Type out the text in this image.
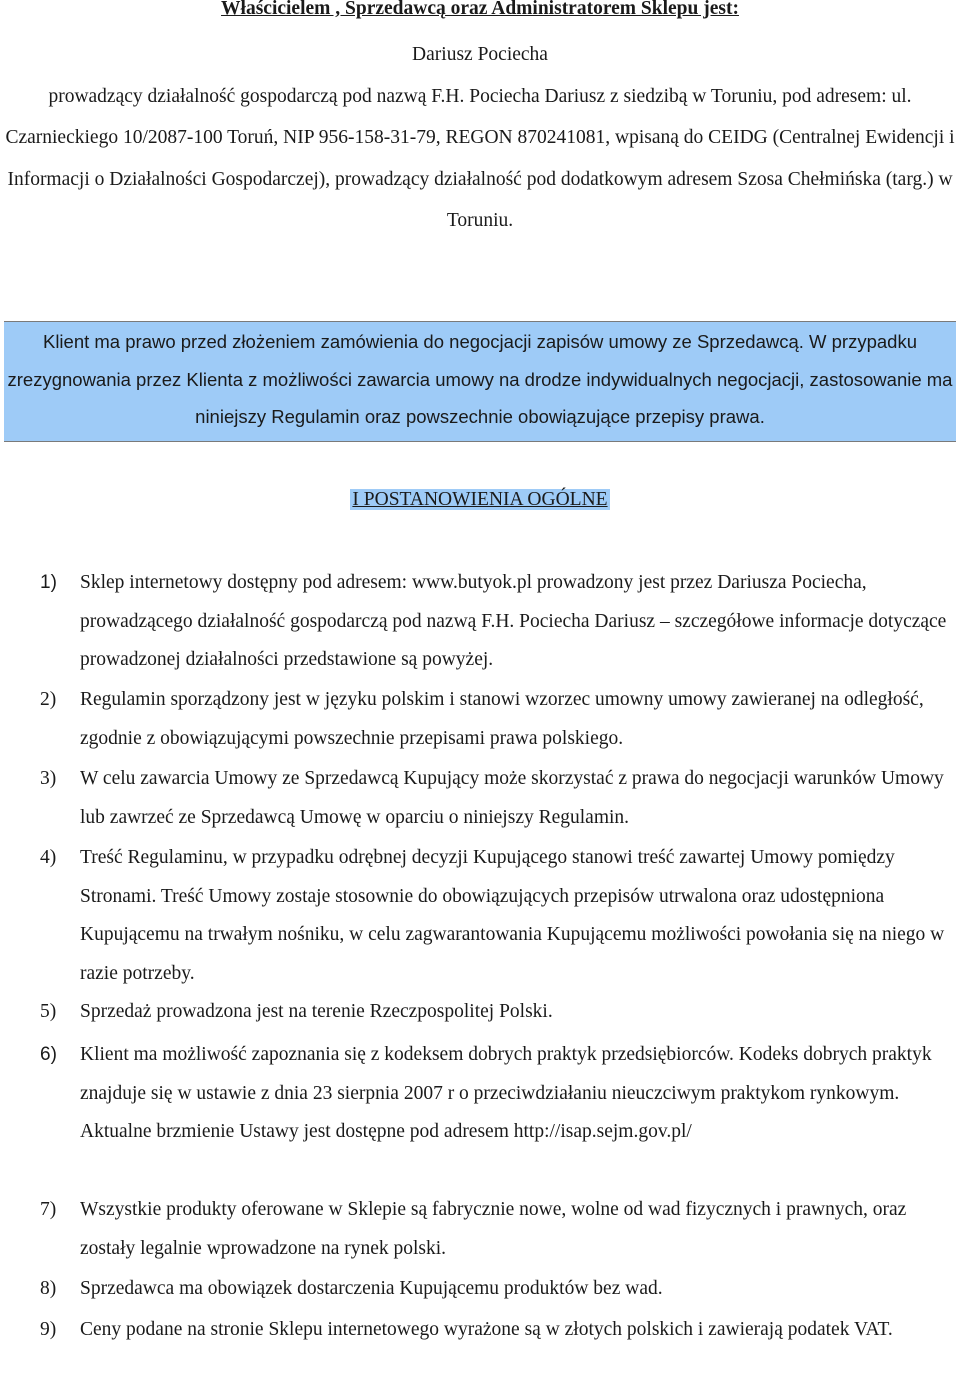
Właścicielem , Sprzedawcą oraz Administratorem Sklepu jest:
Dariusz Pociecha
prowadzący działalność gospodarczą pod nazwą F.H. Pociecha Dariusz z siedzibą w Toruniu, pod adresem: ul. Czarnieckiego 10/2087-100 Toruń, NIP 956-158-31-79, REGON 870241081, wpisaną do CEIDG (Centralnej Ewidencji i Informacji o Działalności Gospodarczej), prowadzący działalność pod dodatkowym adresem Szosa Chełmińska (targ.) w Toruniu.
Klient ma prawo przed złożeniem zamówienia do negocjacji zapisów umowy ze Sprzedawcą. W przypadku zrezygnowania przez Klienta z możliwości zawarcia umowy na drodze indywidualnych negocjacji, zastosowanie ma niniejszy Regulamin oraz powszechnie obowiązujące przepisy prawa.
I POSTANOWIENIA OGÓLNE
1) Sklep internetowy dostępny pod adresem: www.butyok.pl prowadzony jest przez Dariusza Pociecha, prowadzącego działalność gospodarczą pod nazwą F.H. Pociecha Dariusz – szczegółowe informacje dotyczące prowadzonej działalności przedstawione są powyżej.
2) Regulamin sporządzony jest w języku polskim i stanowi wzorzec umowny umowy zawieranej na odległość, zgodnie z obowiązującymi powszechnie przepisami prawa polskiego.
3) W celu zawarcia Umowy ze Sprzedawcą Kupujący może skorzystać z prawa do negocjacji warunków Umowy lub zawrzeć ze Sprzedawcą Umowę w oparciu o niniejszy Regulamin.
4) Treść Regulaminu, w przypadku odrębnej decyzji Kupującego stanowi treść zawartej Umowy pomiędzy Stronami. Treść Umowy zostaje stosownie do obowiązujących przepisów utrwalona oraz udostępniona Kupującemu na trwałym nośniku, w celu zagwarantowania Kupującemu możliwości powołania się na niego w razie potrzeby.
5) Sprzedaż prowadzona jest na terenie Rzeczpospolitej Polski.
6) Klient ma możliwość zapoznania się z kodeksem dobrych praktyk przedsiębiorców. Kodeks dobrych praktyk znajduje się w ustawie z dnia 23 sierpnia 2007 r o przeciwdziałaniu nieuczciwym praktykom rynkowym. Aktualne brzmienie Ustawy jest dostępne pod adresem http://isap.sejm.gov.pl/
7) Wszystkie produkty oferowane w Sklepie są fabrycznie nowe, wolne od wad fizycznych i prawnych, oraz zostały legalnie wprowadzone na rynek polski.
8) Sprzedawca ma obowiązek dostarczenia Kupującemu produktów bez wad.
9) Ceny podane na stronie Sklepu internetowego wyrażone są w złotych polskich i zawierają podatek VAT.
